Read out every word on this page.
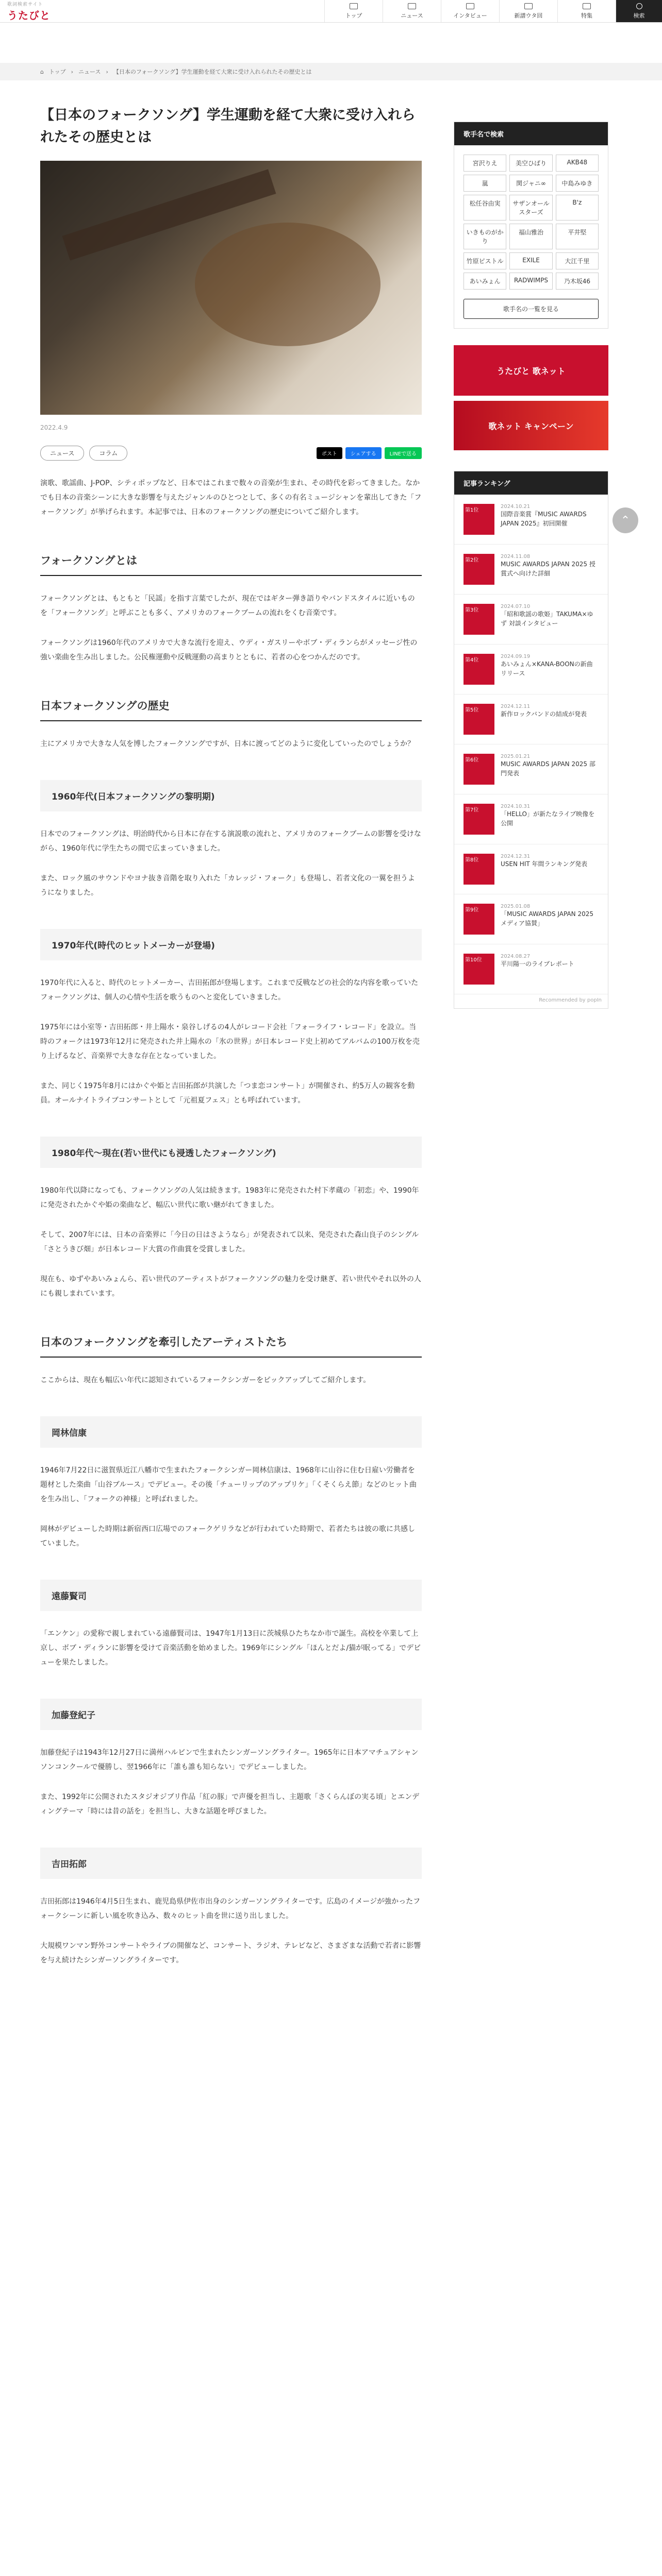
歌詞検索サイト
うたびと	トップ	ニュース	インタビュー	新譜ウタ回	特集	検索
⌂ トップ › ニュース › 【日本のフォークソング】学生運動を経て大衆に受け入れられたその歴史とは
【日本のフォークソング】学生運動を経て大衆に受け入れられたその歴史とは
2022.4.9
ニュース	コラム	ポスト	シェアする	LINEで送る

演歌、歌謡曲、J-POP、シティポップなど、日本ではこれまで数々の音楽が生まれ、その時代を彩ってきました。なかでも日本の音楽シーンに大きな影響を与えたジャンルのひとつとして、多くの有名ミュージシャンを輩出してきた「フォークソング」が挙げられます。本記事では、日本のフォークソングの歴史についてご紹介します。

フォークソングとは

フォークソングとは、もともと「民謡」を指す言葉でしたが、現在ではギター弾き語りやバンドスタイルに近いものを「フォークソング」と呼ぶことも多く、アメリカのフォークブームの流れをくむ音楽です。

フォークソングは1960年代のアメリカで大きな流行を迎え、ウディ・ガスリーやボブ・ディランらがメッセージ性の強い楽曲を生み出しました。公民権運動や反戦運動の高まりとともに、若者の心をつかんだのです。

日本フォークソングの歴史

主にアメリカで大きな人気を博したフォークソングですが、日本に渡ってどのように変化していったのでしょうか？

1960年代(日本フォークソングの黎明期)

日本でのフォークソングは、明治時代から日本に存在する演説歌の流れと、アメリカのフォークブームの影響を受けながら、1960年代に学生たちの間で広まっていきました。

また、ロック風のサウンドやヨナ抜き音階を取り入れた「カレッジ・フォーク」も登場し、若者文化の一翼を担うようになりました。

1970年代(時代のヒットメーカーが登場)

1970年代に入ると、時代のヒットメーカー、吉田拓郎が登場します。これまで反戦などの社会的な内容を歌っていたフォークソングは、個人の心情や生活を歌うものへと変化していきました。

1975年には小室等・吉田拓郎・井上陽水・泉谷しげるの4人がレコード会社「フォーライフ・レコード」を設立。当時のフォークは1973年12月に発売された井上陽水の「氷の世界」が日本レコード史上初めてアルバムの100万枚を売り上げるなど、音楽界で大きな存在となっていました。

また、同じく1975年8月にはかぐや姫と吉田拓郎が共演した「つま恋コンサート」が開催され、約5万人の観客を動員。オールナイトライブコンサートとして「元祖夏フェス」とも呼ばれています。

1980年代〜現在(若い世代にも浸透したフォークソング)

1980年代以降になっても、フォークソングの人気は続きます。1983年に発売された村下孝蔵の「初恋」や、1990年に発売されたかぐや姫の楽曲など、幅広い世代に歌い継がれてきました。

そして、2007年には、日本の音楽界に「今日の日はさようなら」が発表されて以来、発売された森山良子のシングル「さとうきび畑」が日本レコード大賞の作曲賞を受賞しました。

現在も、ゆずやあいみょんら、若い世代のアーティストがフォークソングの魅力を受け継ぎ、若い世代やそれ以外の人にも親しまれています。

日本のフォークソングを牽引したアーティストたち

ここからは、現在も幅広い年代に認知されているフォークシンガーをピックアップしてご紹介します。

岡林信康

1946年7月22日に滋賀県近江八幡市で生まれたフォークシンガー岡林信康は、1968年に山谷に住む日雇い労働者を題材とした楽曲「山谷ブルース」でデビュー。その後「チューリップのアップリケ」「くそくらえ節」などのヒット曲を生み出し、「フォークの神様」と呼ばれました。

岡林がデビューした時期は新宿西口広場でのフォークゲリラなどが行われていた時期で、若者たちは彼の歌に共感していました。

遠藤賢司

「エンケン」の愛称で親しまれている遠藤賢司は、1947年1月13日に茨城県ひたちなか市で誕生。高校を卒業して上京し、ボブ・ディランに影響を受けて音楽活動を始めました。1969年にシングル「ほんとだよ/猫が眠ってる」でデビューを果たしました。

加藤登紀子

加藤登紀子は1943年12月27日に満州ハルビンで生まれたシンガーソングライター。1965年に日本アマチュアシャンソンコンクールで優勝し、翌1966年に「誰も誰も知らない」でデビューしました。

また、1992年に公開されたスタジオジブリ作品「紅の豚」で声優を担当し、主題歌「さくらんぼの実る頃」とエンディングテーマ「時には昔の話を」を担当し、大きな話題を呼びました。

吉田拓郎

吉田拓郎は1946年4月5日生まれ、鹿児島県伊佐市出身のシンガーソングライターです。広島のイメージが強かったフォークシーンに新しい風を吹き込み、数々のヒット曲を世に送り出しました。

大規模ワンマン野外コンサートやライブの開催など、コンサート、ラジオ、テレビなど、さまざまな活動で若者に影響を与え続けたシンガーソングライターです。

歌手名で検索
宮沢りえ	美空ひばり	AKB48
嵐	関ジャニ∞	中島みゆき
松任谷由実	サザンオールスターズ
B'z
いきものがかり
福山雅治	平井堅
竹原ピストル	EXILE	大江千里
あいみょん	RADWIMPS	乃木坂46
歌手名の一覧を見る
うたびと 歌ネット
歌ネット キャンペーン
記事ランキング
第1位
2024.10.21
国際音楽賞『MUSIC AWARDS JAPAN 2025』初回開催
第2位
2024.11.08
MUSIC AWARDS JAPAN 2025 授賞式へ向けた詳細
第3位
2024.07.10
「昭和歌謡の歌姫」TAKUMA×ゆず 対談インタビュー
第4位
2024.09.19
あいみょん×KANA-BOONの新曲リリース
第5位
2024.12.11
新作ロックバンドの結成が発表
第6位
2025.01.21
MUSIC AWARDS JAPAN 2025 部門発表
第7位
2024.10.31
「HELLO」が新たなライブ映像を公開
第8位
2024.12.31
USEN HIT 年間ランキング発表
第9位
2025.01.08
「MUSIC AWARDS JAPAN 2025 メディア協賛」
第10位
2024.08.27
平川陽一のライブレポート
Recommended by popIn
⌃
